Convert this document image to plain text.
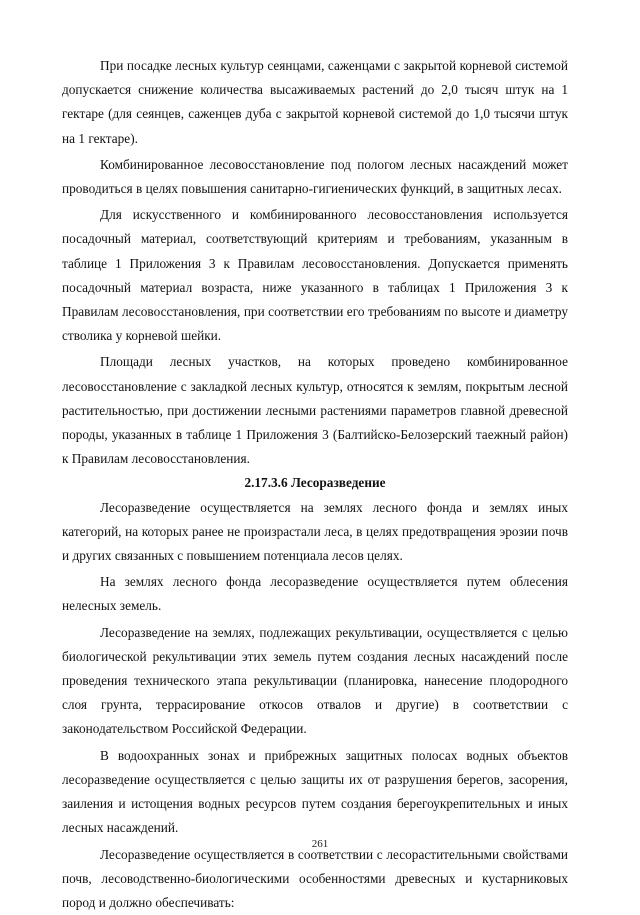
При посадке лесных культур сеянцами, саженцами с закрытой корневой системой допускается снижение количества высаживаемых растений до 2,0 тысяч штук на 1 гектаре (для сеянцев, саженцев дуба с закрытой корневой системой до 1,0 тысячи штук на 1 гектаре).

Комбинированное лесовосстановление под пологом лесных насаждений может проводиться в целях повышения санитарно-гигиенических функций, в защитных лесах.

Для искусственного и комбинированного лесовосстановления используется посадочный материал, соответствующий критериям и требованиям, указанным в таблице 1 Приложения 3 к Правилам лесовосстановления. Допускается применять посадочный материал возраста, ниже указанного в таблицах 1 Приложения 3 к Правилам лесовосстановления, при соответствии его требованиям по высоте и диаметру стволика у корневой шейки.

Площади лесных участков, на которых проведено комбинированное лесовосстановление с закладкой лесных культур, относятся к землям, покрытым лесной растительностью, при достижении лесными растениями параметров главной древесной породы, указанных в таблице 1 Приложения 3 (Балтийско-Белозерский таежный район) к Правилам лесовосстановления.

2.17.3.6 Лесоразведение

Лесоразведение осуществляется на землях лесного фонда и землях иных категорий, на которых ранее не произрастали леса, в целях предотвращения эрозии почв и других связанных с повышением потенциала лесов целях.

На землях лесного фонда лесоразведение осуществляется путем облесения нелесных земель.

Лесоразведение на землях, подлежащих рекультивации, осуществляется с целью биологической рекультивации этих земель путем создания лесных насаждений после проведения технического этапа рекультивации (планировка, нанесение плодородного слоя грунта, террасирование откосов отвалов и другие) в соответствии с законодательством Российской Федерации.

В водоохранных зонах и прибрежных защитных полосах водных объектов лесоразведение осуществляется с целью защиты их от разрушения берегов, засорения, заиления и истощения водных ресурсов путем создания берегоукрепительных и иных лесных насаждений.

Лесоразведение осуществляется в соответствии с лесорастительными свойствами почв, лесоводственно-биологическими особенностями древесных и кустарниковых пород и должно обеспечивать:

261
